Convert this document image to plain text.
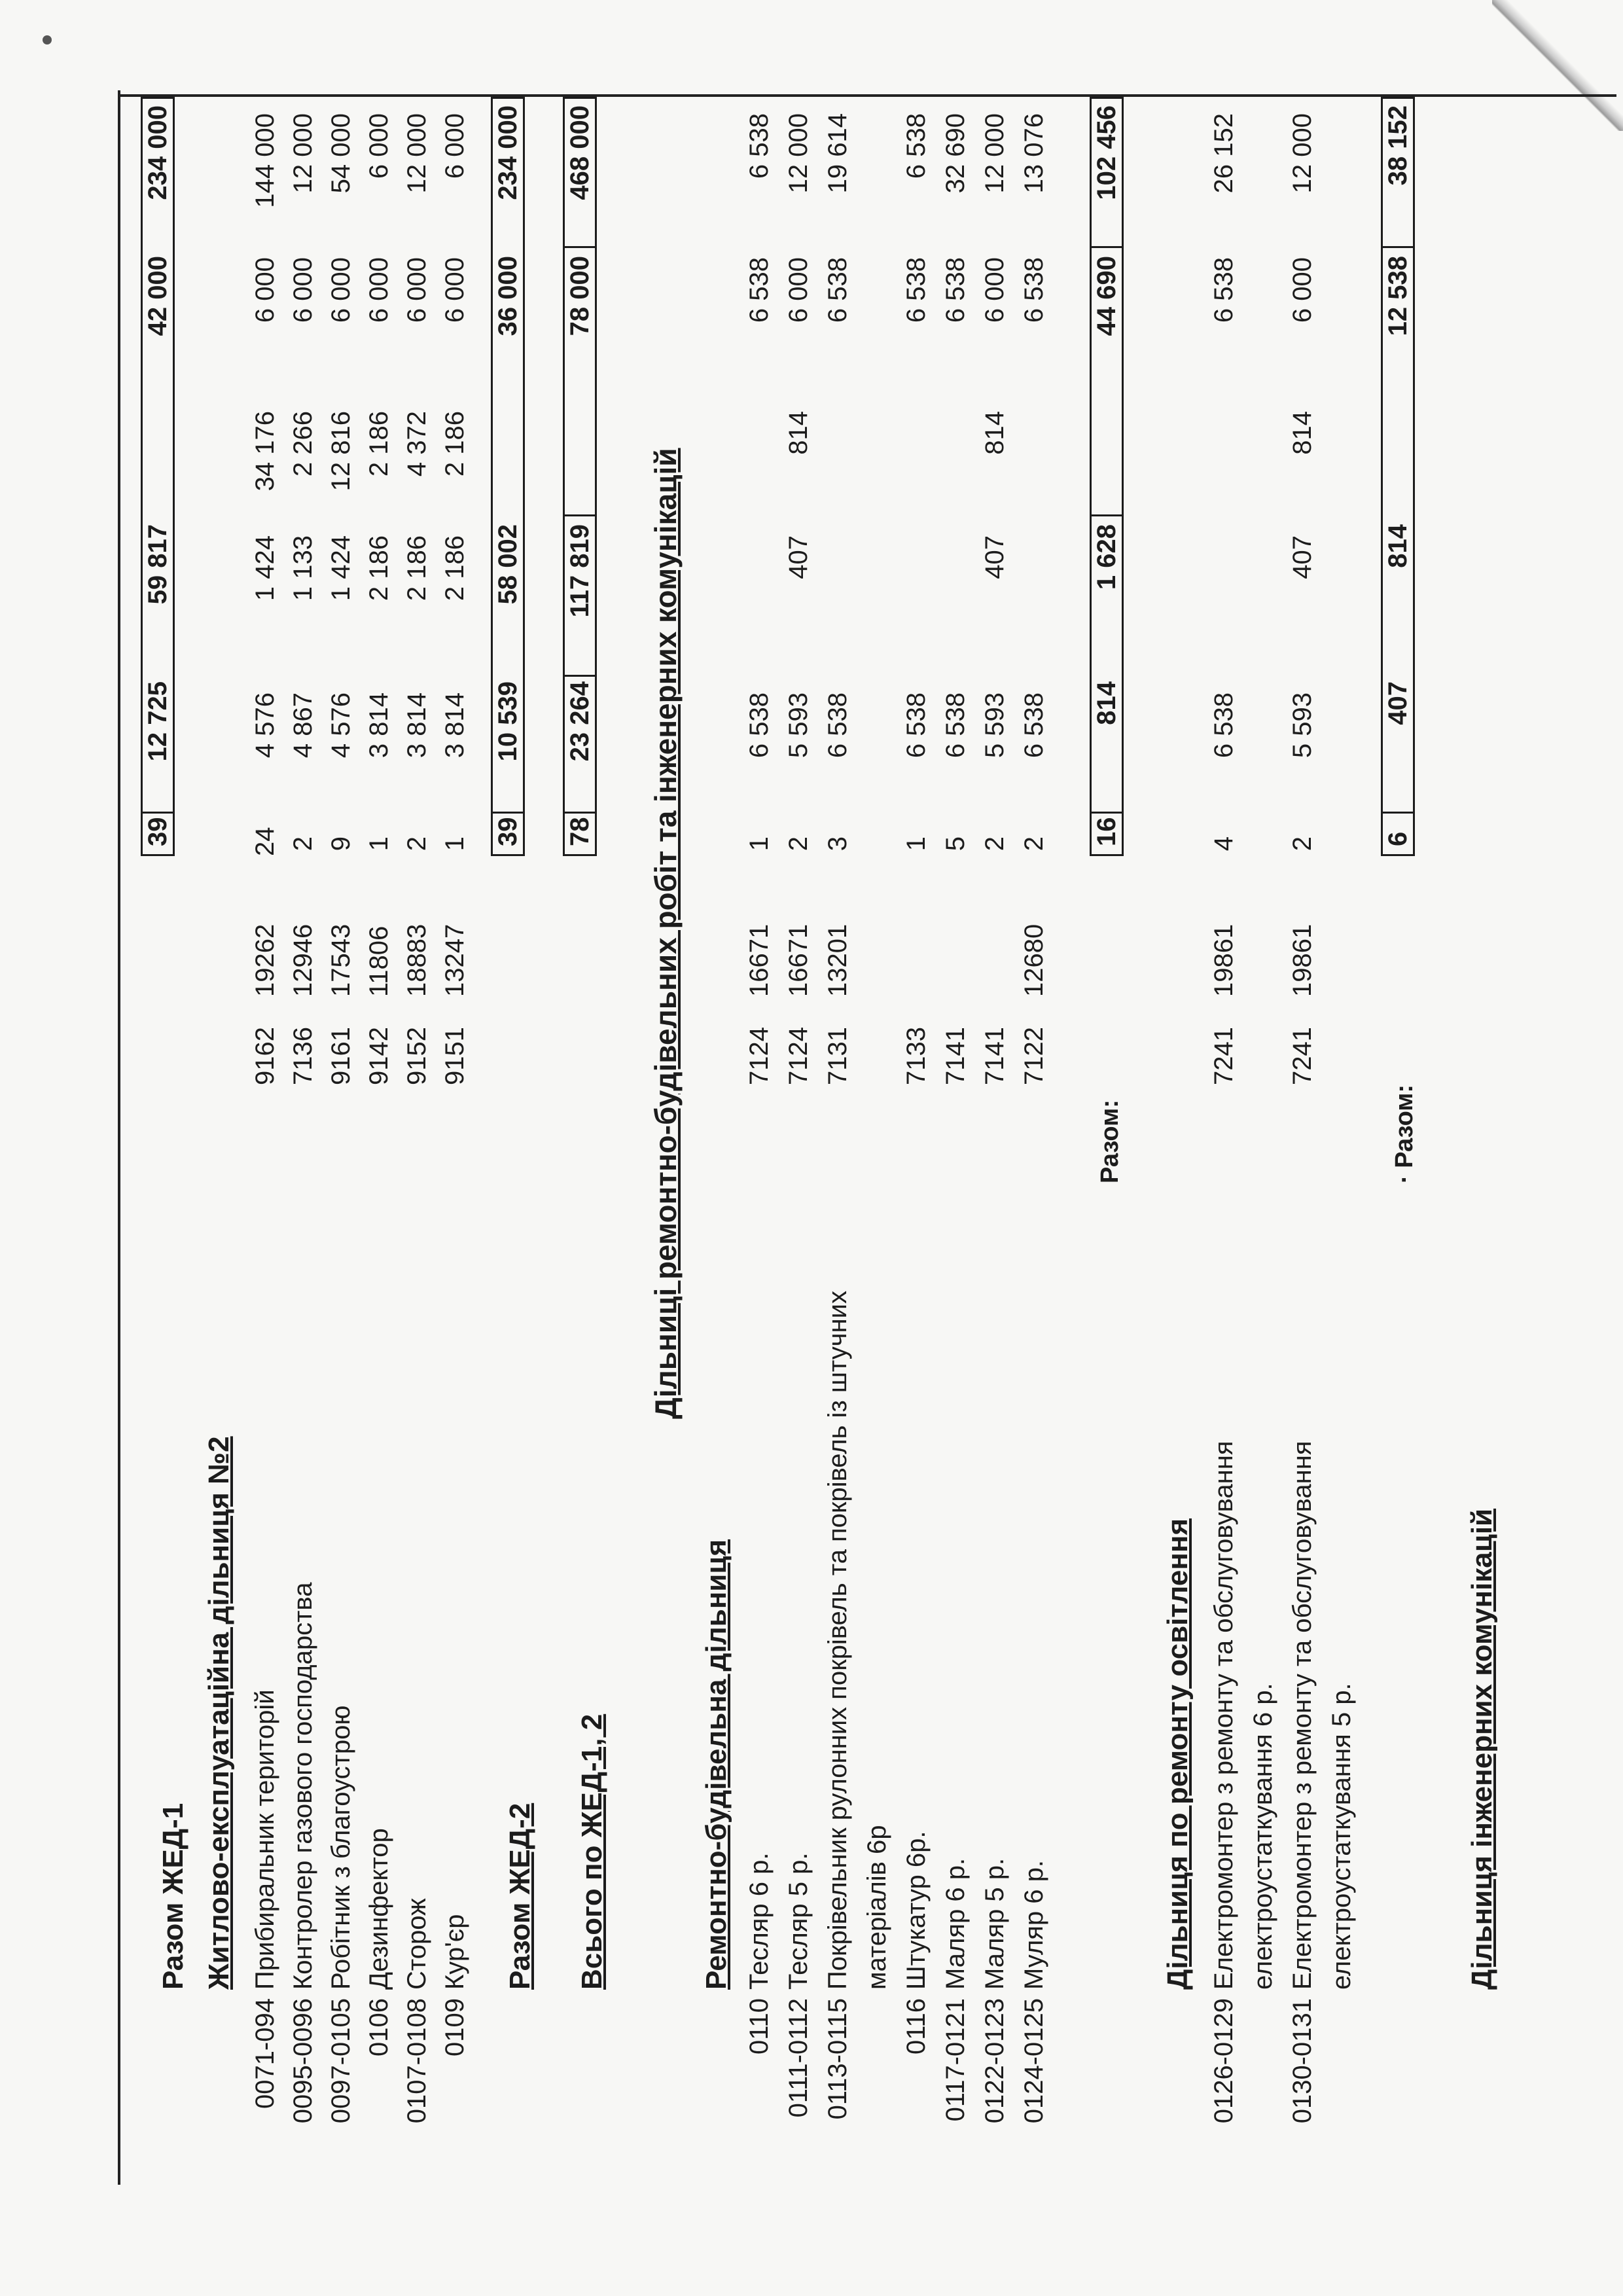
Разом ЖЕД-1
39
12 725
59 817
42 000
234 000
Житлово-експлуатаційна дільниця №2
0071-094
Прибиральник територій
9162
19262
24
4 576
1 424
34 176
6 000
144 000
0095-0096
Контролер газового господарства
7136
12946
2
4 867
1 133
2 266
6 000
12 000
0097-0105
Робітник з благоустрою
9161
17543
9
4 576
1 424
12 816
6 000
54 000
0106
Дезинфектор
9142
11806
1
3 814
2 186
2 186
6 000
6 000
0107-0108
Сторож
9152
18883
2
3 814
2 186
4 372
6 000
12 000
0109
Кур'єр
9151
13247
1
3 814
2 186
2 186
6 000
6 000
Разом ЖЕД-2
39
10 539
58 002
36 000
234 000
Всього по ЖЕД-1, 2
78
23 264
117 819
78 000
468 000
Дільниці ремонтно-будівельних робіт та інженерних комунікацій
Ремонтно-будівельна дільниця
0110
Тесляр 6 р.
7124
16671
1
6 538
6 538
6 538
0111-0112
Тесляр 5 р.
7124
16671
2
5 593
407
814
6 000
12 000
0113-0115
Покрівельник рулонних покрівель та покрівель із штучних
7131
13201
3
6 538
6 538
19 614
матеріалів 6р
0116
Штукатур 6р.
7133
1
6 538
6 538
6 538
0117-0121
Маляр 6 р.
7141
5
6 538
6 538
32 690
0122-0123
Маляр 5 р.
7141
2
5 593
407
814
6 000
12 000
0124-0125
Муляр 6 р.
7122
12680
2
6 538
6 538
13 076
Разом:
16
814
1 628
44 690
102 456
Дільниця по ремонту освітлення
0126-0129
Електромонтер з ремонту та обслуговування
7241
19861
4
6 538
6 538
26 152
електроустаткування 6 р.
0130-0131
Електромонтер з ремонту та обслуговування
7241
19861
2
5 593
407
814
6 000
12 000
електроустаткування 5 р.
· Разом:
6
407
814
12 538
38 152
Дільниця інженерних комунікацій
